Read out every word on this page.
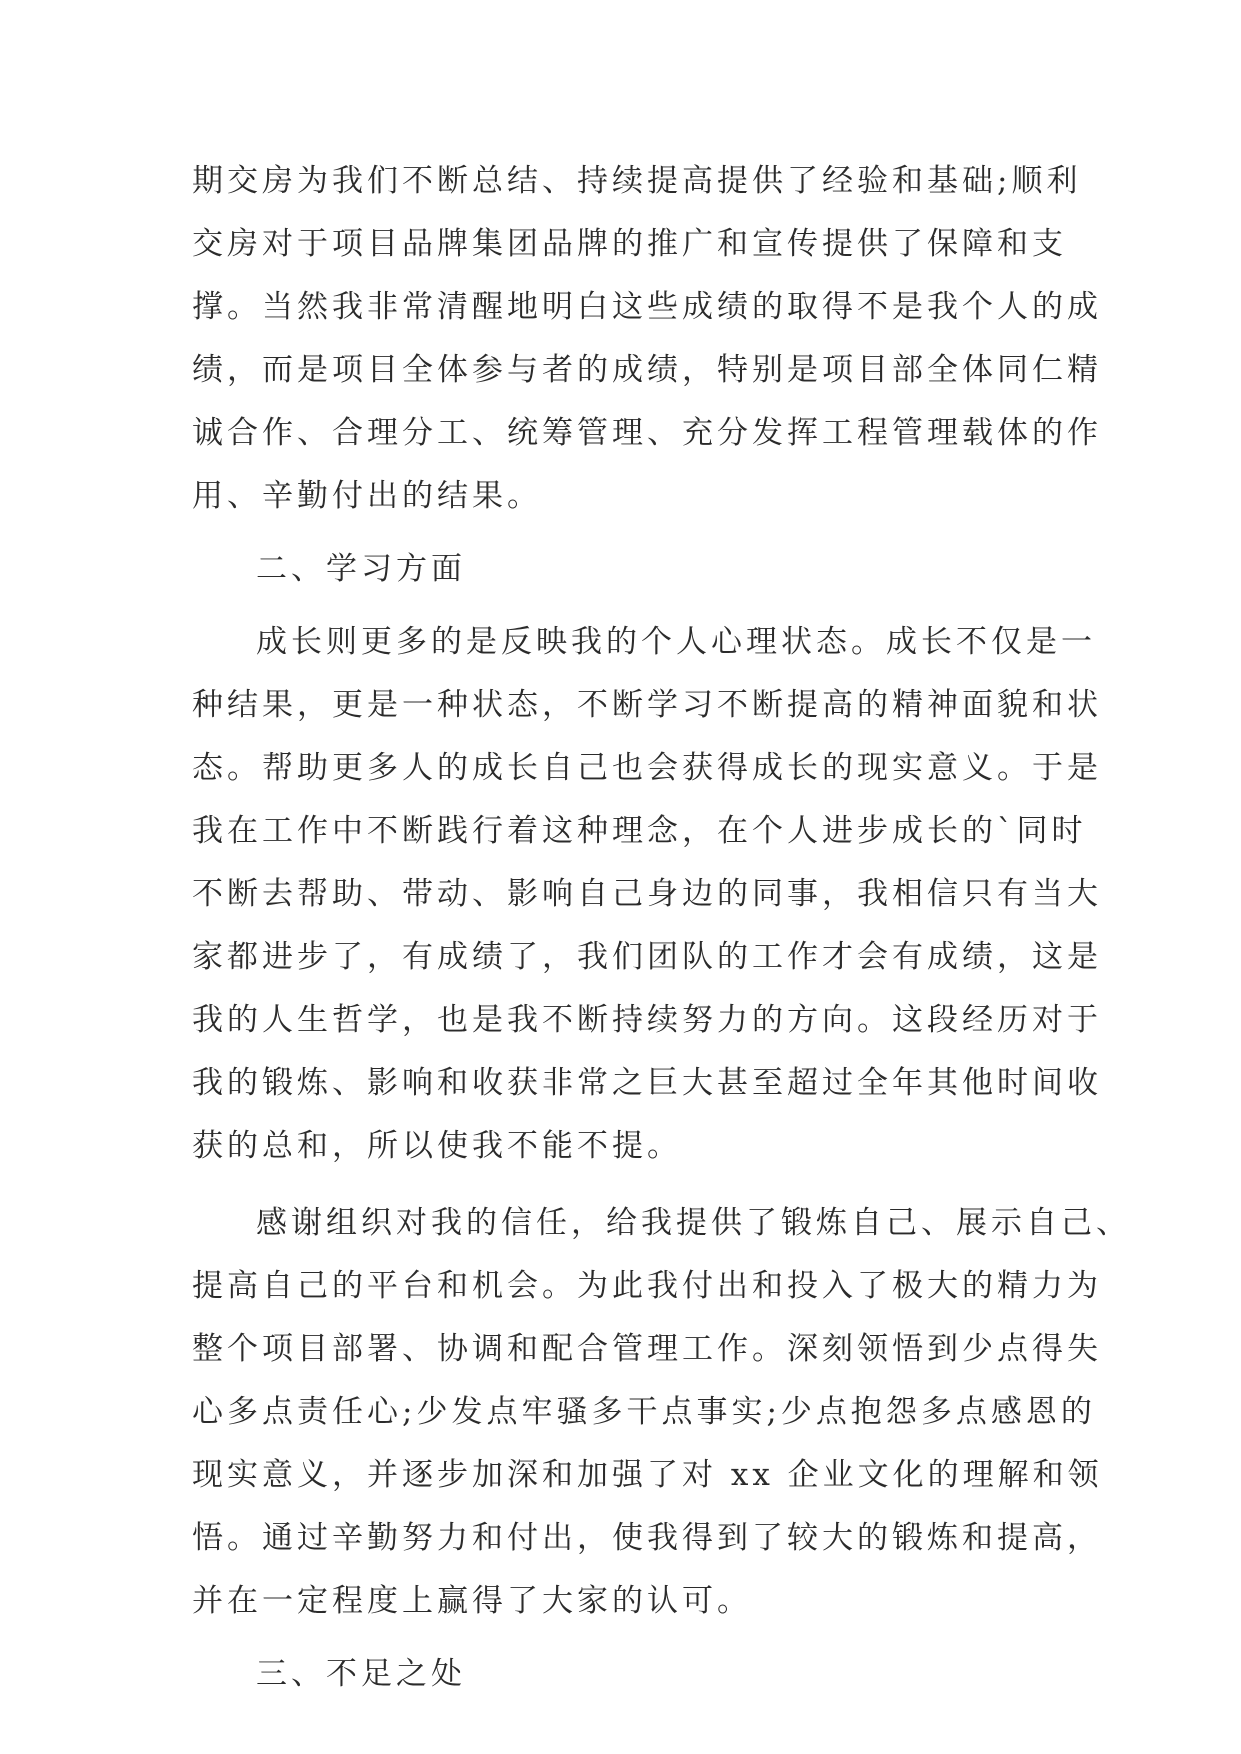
期交房为我们不断总结、持续提高提供了经验和基础;顺利

交房对于项目品牌集团品牌的推广和宣传提供了保障和支

撑。当然我非常清醒地明白这些成绩的取得不是我个人的成

绩，而是项目全体参与者的成绩，特别是项目部全体同仁精

诚合作、合理分工、统筹管理、充分发挥工程管理载体的作

用、辛勤付出的结果。

二、学习方面

成长则更多的是反映我的个人心理状态。成长不仅是一

种结果，更是一种状态，不断学习不断提高的精神面貌和状

态。帮助更多人的成长自己也会获得成长的现实意义。于是

我在工作中不断践行着这种理念，在个人进步成长的`同时

不断去帮助、带动、影响自己身边的同事，我相信只有当大

家都进步了，有成绩了，我们团队的工作才会有成绩，这是

我的人生哲学，也是我不断持续努力的方向。这段经历对于

我的锻炼、影响和收获非常之巨大甚至超过全年其他时间收

获的总和，所以使我不能不提。

感谢组织对我的信任，给我提供了锻炼自己、展示自己、

提高自己的平台和机会。为此我付出和投入了极大的精力为

整个项目部署、协调和配合管理工作。深刻领悟到少点得失

心多点责任心;少发点牢骚多干点事实;少点抱怨多点感恩的

现实意义，并逐步加深和加强了对 xx 企业文化的理解和领

悟。通过辛勤努力和付出，使我得到了较大的锻炼和提高，

并在一定程度上赢得了大家的认可。

三、不足之处
